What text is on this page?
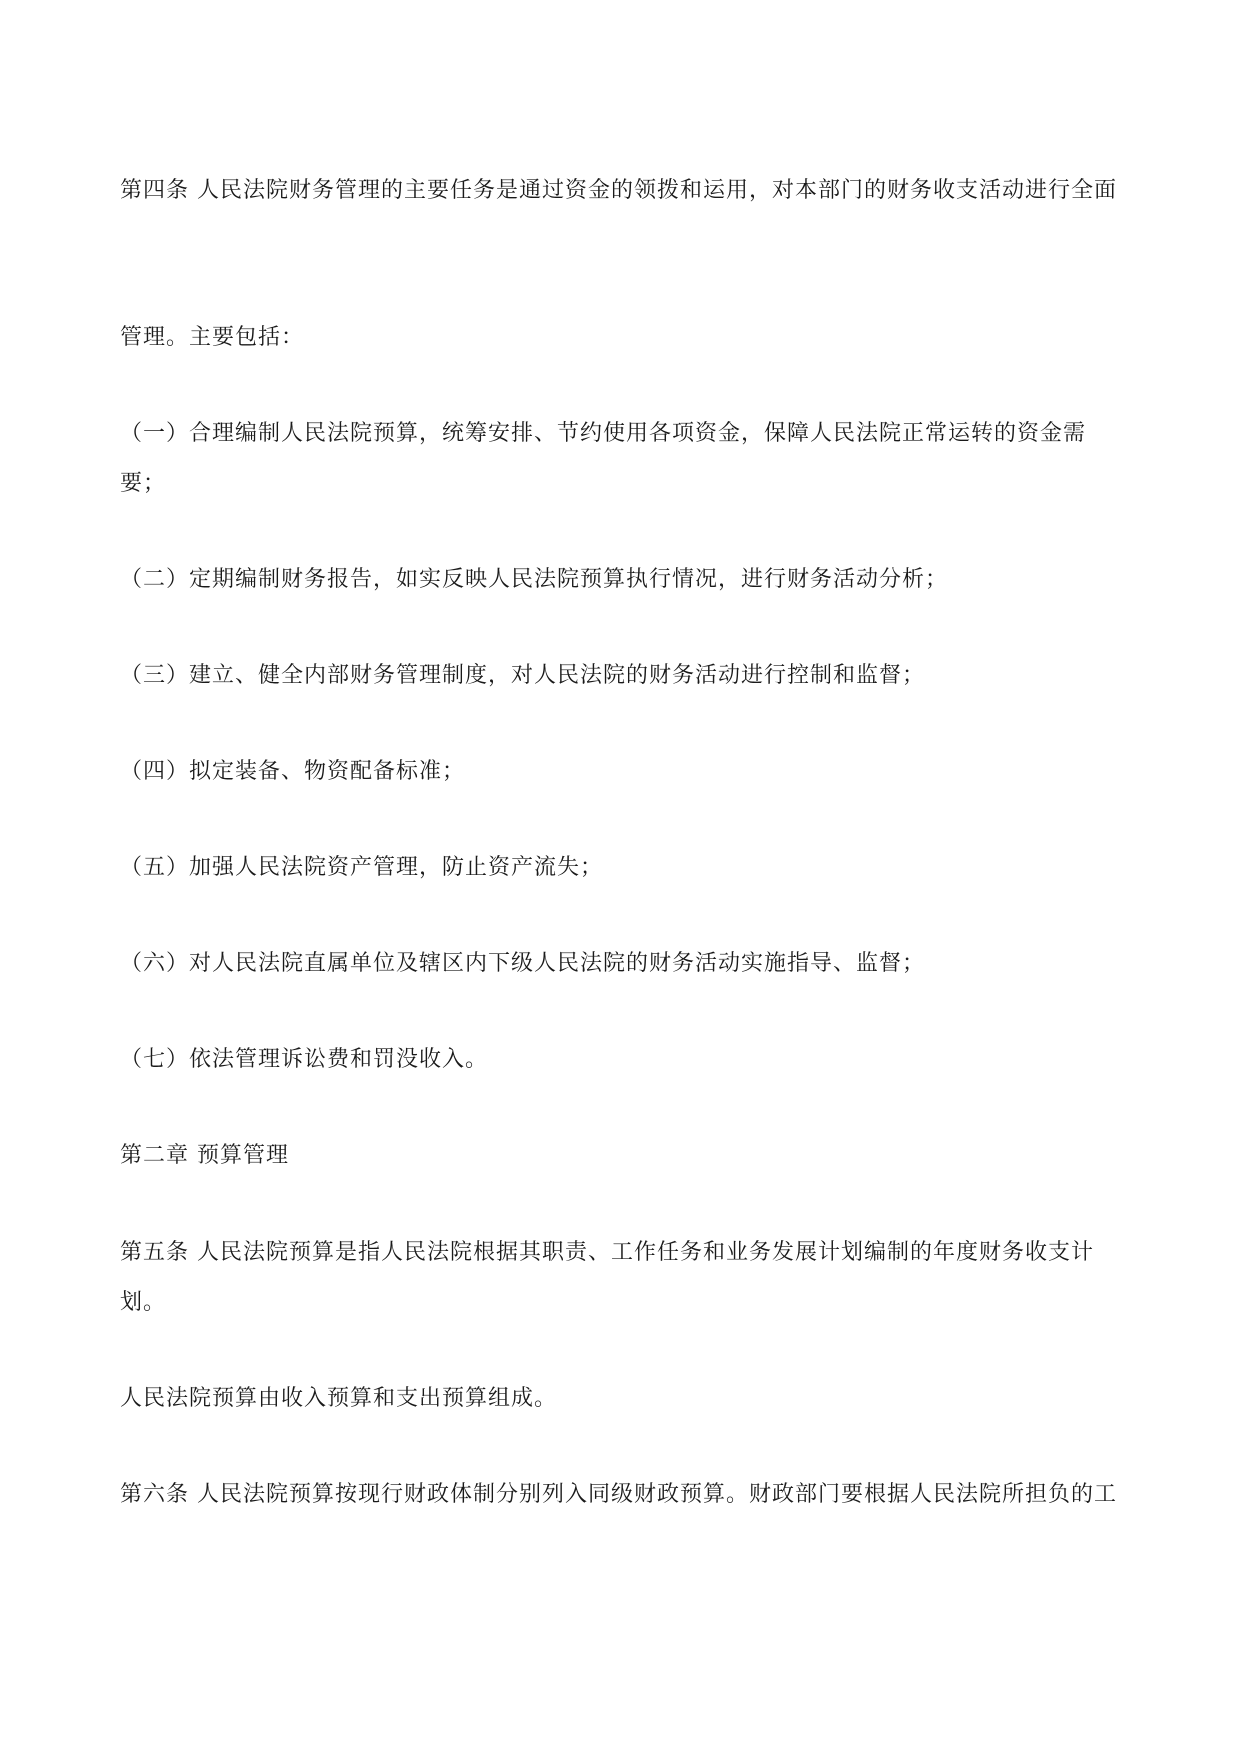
第四条 人民法院财务管理的主要任务是通过资金的领拨和运用，对本部门的财务收支活动进行全面

管理。主要包括：

（一）合理编制人民法院预算，统筹安排、节约使用各项资金，保障人民法院正常运转的资金需要；

（二）定期编制财务报告，如实反映人民法院预算执行情况，进行财务活动分析；

（三）建立、健全内部财务管理制度，对人民法院的财务活动进行控制和监督；

（四）拟定装备、物资配备标准；

（五）加强人民法院资产管理，防止资产流失；

（六）对人民法院直属单位及辖区内下级人民法院的财务活动实施指导、监督；

（七）依法管理诉讼费和罚没收入。

第二章 预算管理

第五条 人民法院预算是指人民法院根据其职责、工作任务和业务发展计划编制的年度财务收支计划。

人民法院预算由收入预算和支出预算组成。

第六条 人民法院预算按现行财政体制分别列入同级财政预算。财政部门要根据人民法院所担负的工
